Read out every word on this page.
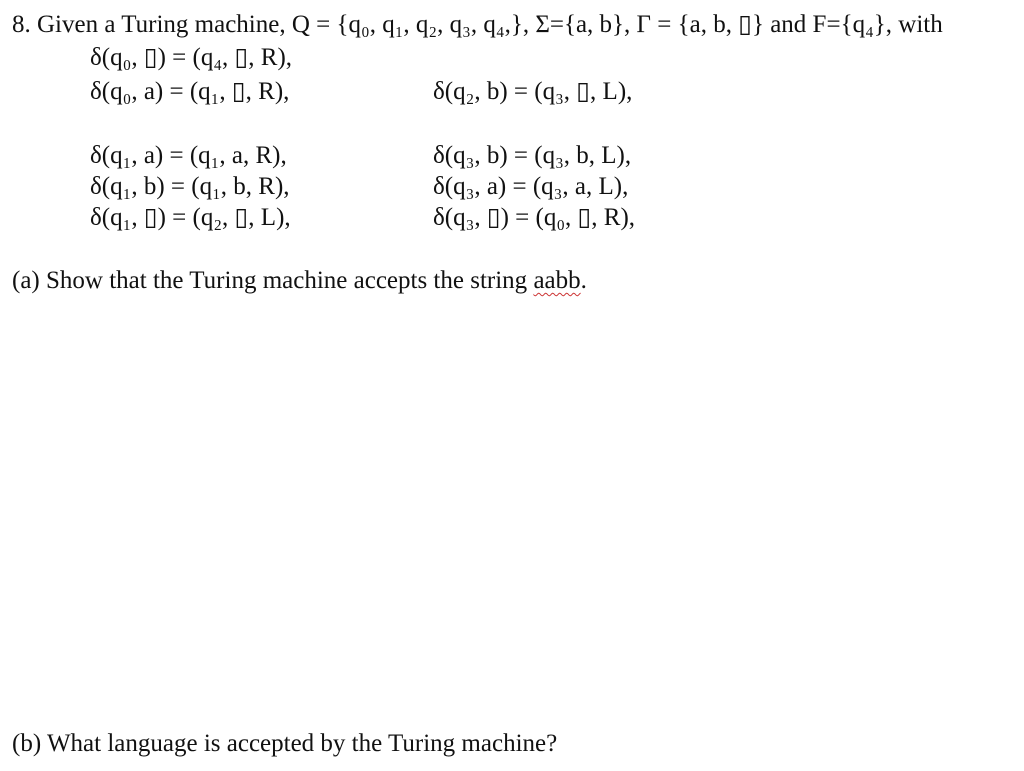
8. Given a Turing machine, Q = {q₀, q₁, q₂, q₃, q₄,}, Σ={a, b}, Γ = {a, b, ▯} and F={q₄}, with
δ(q₀, ▯) = (q₄, ▯, R),
δ(q₀, a) = (q₁, ▯, R),	δ(q₂, b) = (q₃, ▯, L),
δ(q₁, a) = (q₁, a, R),	δ(q₃, b) = (q₃, b, L),
δ(q₁, b) = (q₁, b, R),	δ(q₃, a) = (q₃, a, L),
δ(q₁, ▯) = (q₂, ▯, L),	δ(q₃, ▯) = (q₀, ▯, R),
(a) Show that the Turing machine accepts the string aabb.
(b) What language is accepted by the Turing machine?
